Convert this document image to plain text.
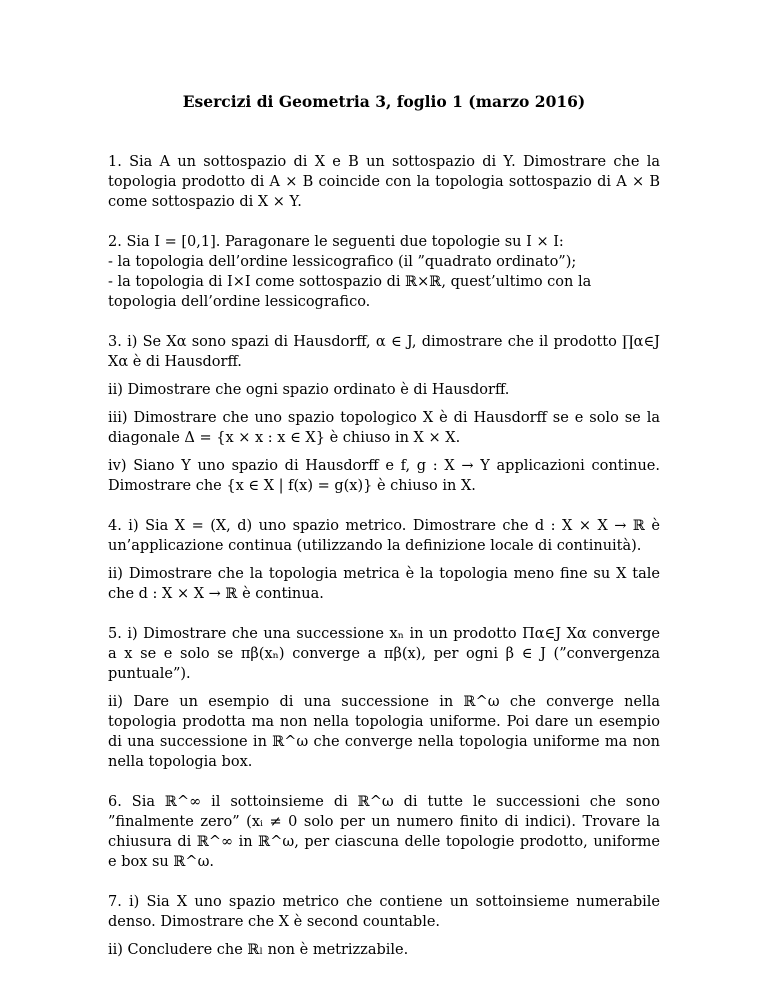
Esercizi di Geometria 3, foglio 1 (marzo 2016)

1. Sia A un sottospazio di X e B un sottospazio di Y. Dimostrare che la topologia prodotto di A × B coincide con la topologia sottospazio di A × B come sottospazio di X × Y.

2. Sia I = [0,1]. Paragonare le seguenti due topologie su I × I:

- la topologia dell’ordine lessicografico (il ”quadrato ordinato”);
- la topologia di I×I come sottospazio di ℝ×ℝ, quest’ultimo con la topologia dell’ordine lessicografico.

3. i) Se Xα sono spazi di Hausdorff, α ∈ J, dimostrare che il prodotto ∏α∈J Xα è di Hausdorff.

ii) Dimostrare che ogni spazio ordinato è di Hausdorff.

iii) Dimostrare che uno spazio topologico X è di Hausdorff se e solo se la diagonale Δ = {x × x : x ∈ X} è chiuso in X × X.

iv) Siano Y uno spazio di Hausdorff e f, g : X → Y applicazioni continue. Dimostrare che {x ∈ X | f(x) = g(x)} è chiuso in X.

4. i) Sia X = (X, d) uno spazio metrico. Dimostrare che d : X × X → ℝ è un’applicazione continua (utilizzando la definizione locale di continuità).

ii) Dimostrare che la topologia metrica è la topologia meno fine su X tale che d : X × X → ℝ è continua.

5. i) Dimostrare che una successione xₙ in un prodotto Πα∈J Xα converge a x se e solo se πβ(xₙ) converge a πβ(x), per ogni β ∈ J (”convergenza puntuale”).

ii) Dare un esempio di una successione in ℝ^ω che converge nella topologia prodotta ma non nella topologia uniforme. Poi dare un esempio di una successione in ℝ^ω che converge nella topologia uniforme ma non nella topologia box.

6. Sia ℝ^∞ il sottoinsieme di ℝ^ω di tutte le successioni che sono ”finalmente zero” (xᵢ ≠ 0 solo per un numero finito di indici). Trovare la chiusura di ℝ^∞ in ℝ^ω, per ciascuna delle topologie prodotto, uniforme e box su ℝ^ω.

7. i) Sia X uno spazio metrico che contiene un sottoinsieme numerabile denso. Dimostrare che X è second countable.

ii) Concludere che ℝₗ non è metrizzabile.
